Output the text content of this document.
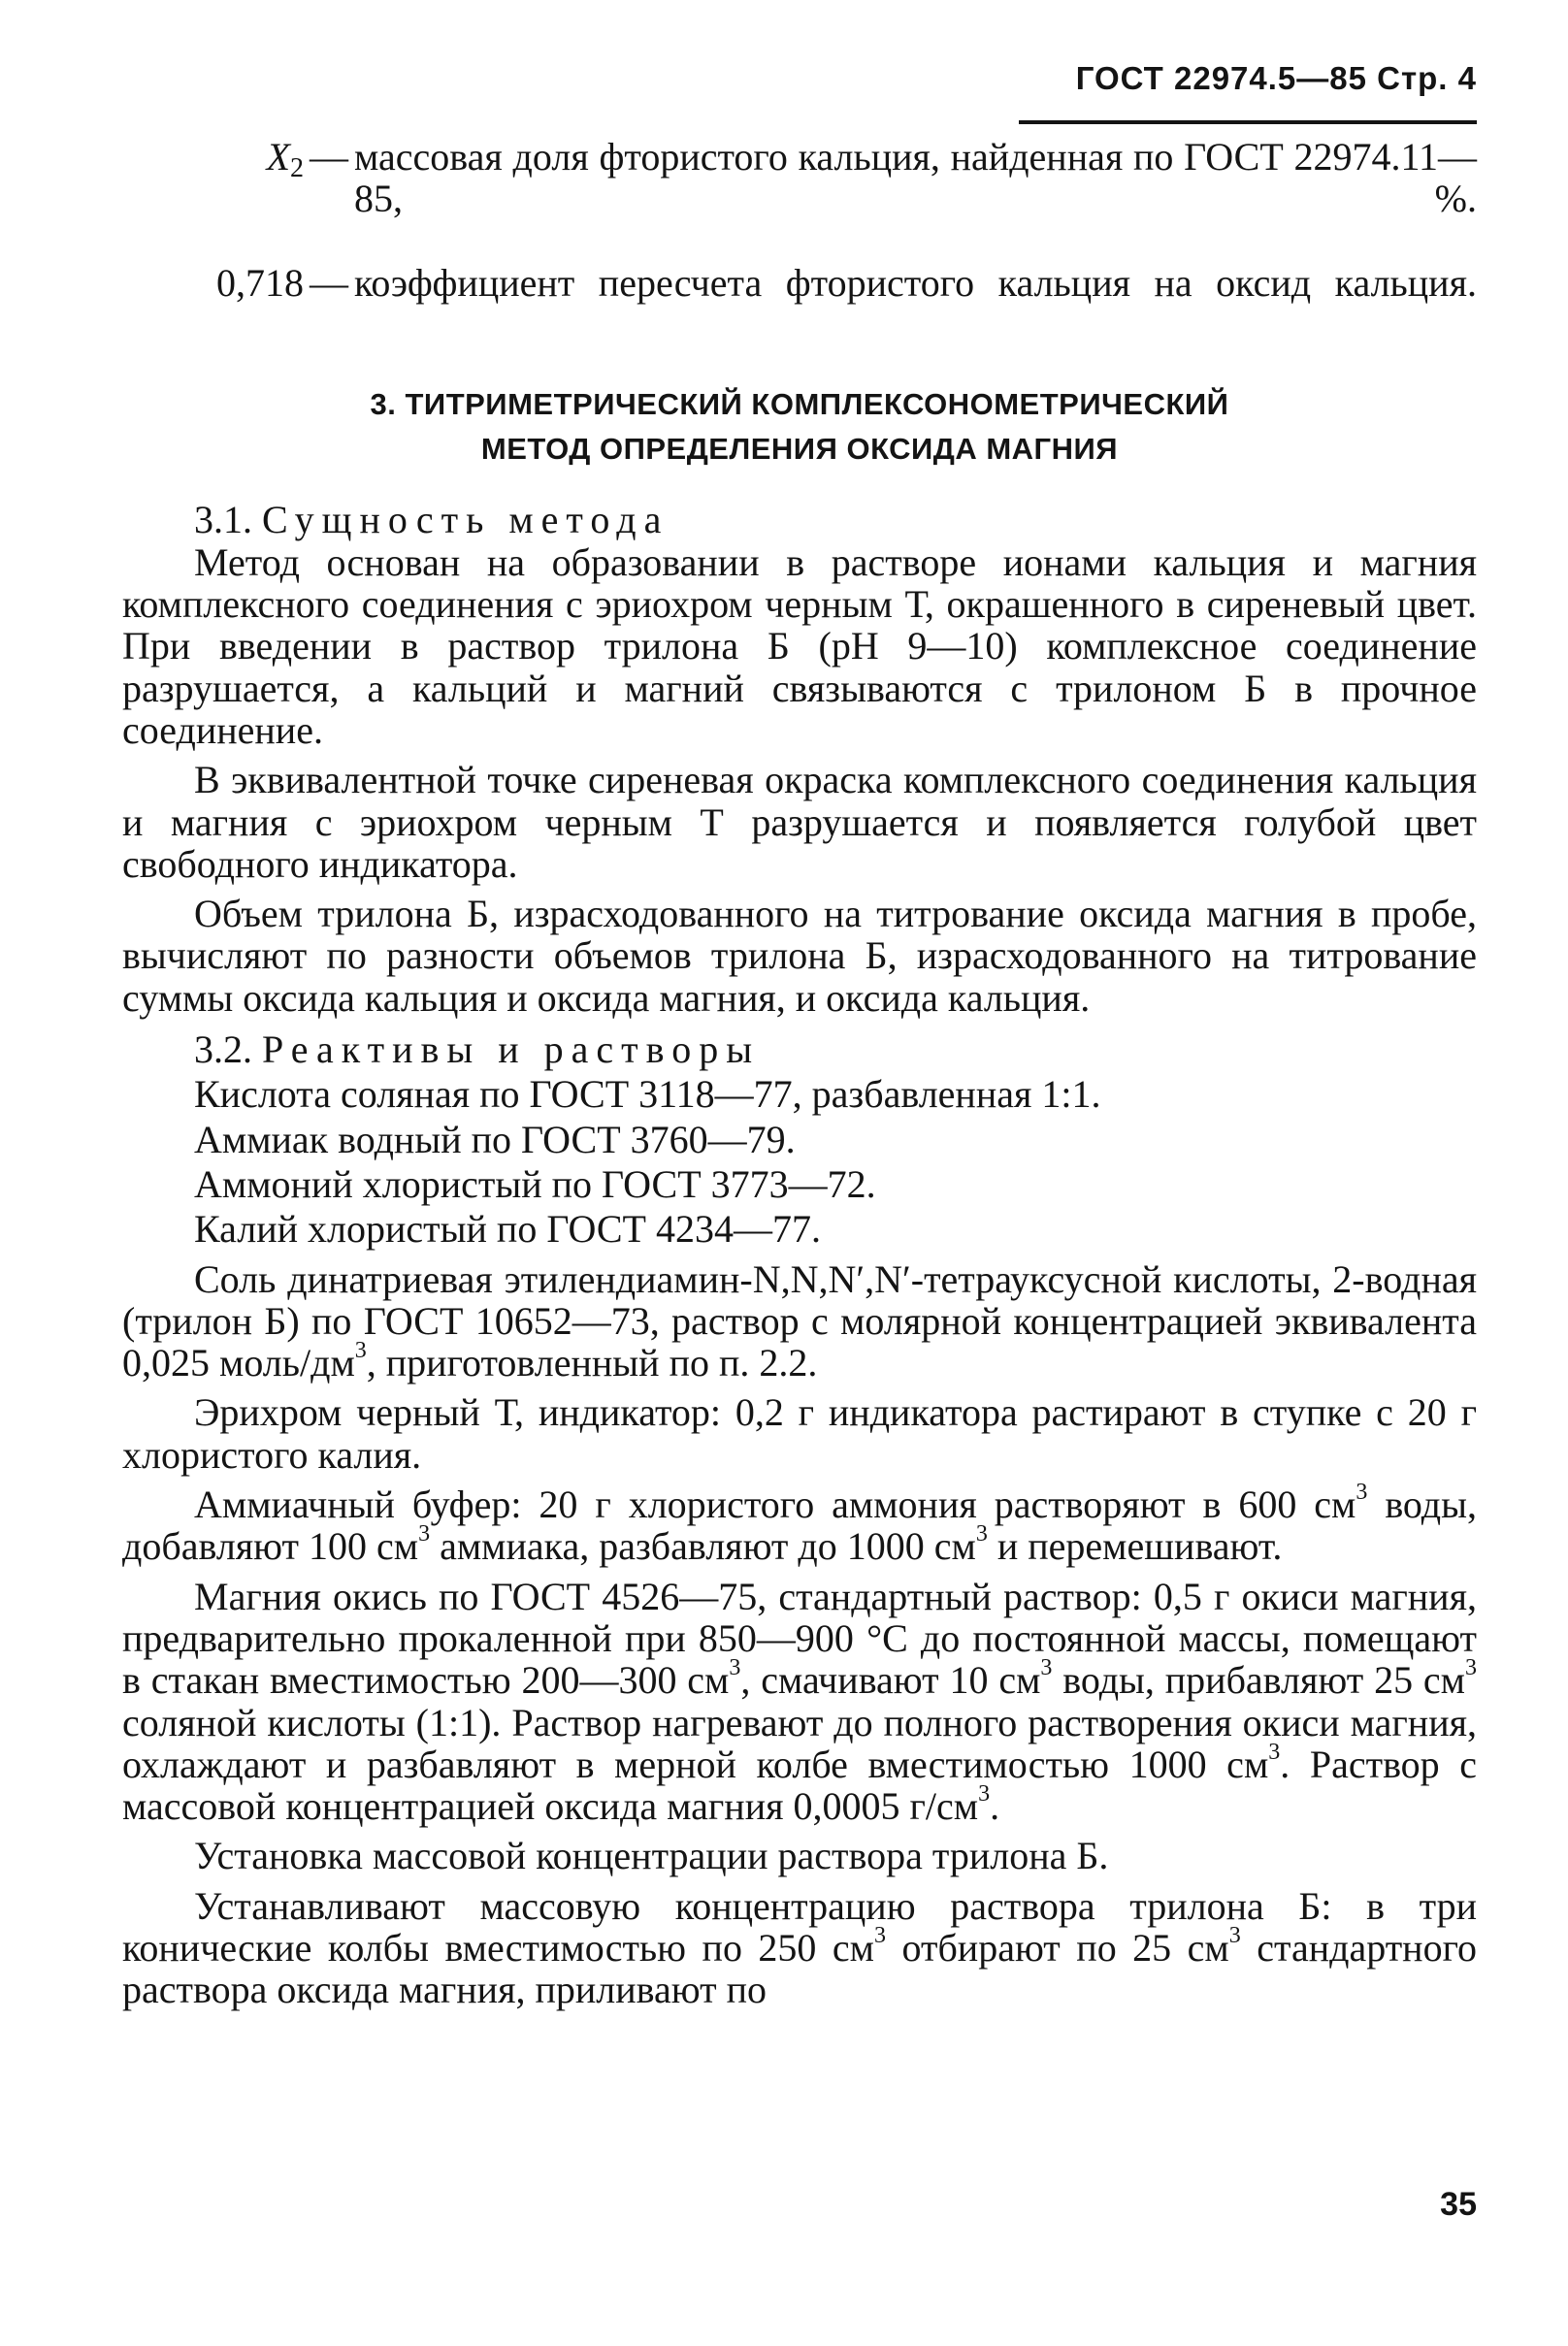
ГОСТ 22974.5—85 Стр. 4
$X_2$ — массовая доля фтористого кальция, найденная по ГОСТ 22974.11—85, %.
0,718 — коэффициент пересчета фтористого кальция на оксид кальция.
3. ТИТРИМЕТРИЧЕСКИЙ КОМПЛЕКСОНОМЕТРИЧЕСКИЙ
МЕТОД ОПРЕДЕЛЕНИЯ ОКСИДА МАГНИЯ
3.1. Сущность метода

Метод основан на образовании в растворе ионами кальция и магния комплексного соединения с эриохром черным Т, окрашенного в сиреневый цвет. При введении в раствор трилона Б (рН 9—10) комплексное соединение разрушается, а кальций и магний связываются с трилоном Б в прочное соединение.

В эквивалентной точке сиреневая окраска комплексного соединения кальция и магния с эриохром черным Т разрушается и появляется голубой цвет свободного индикатора.

Объем трилона Б, израсходованного на титрование оксида магния в пробе, вычисляют по разности объемов трилона Б, израсходованного на титрование суммы оксида кальция и оксида магния, и оксида кальция.

3.2. Реактивы и растворы
Кислота соляная по ГОСТ 3118—77, разбавленная 1:1.
Аммиак водный по ГОСТ 3760—79.
Аммоний хлористый по ГОСТ 3773—72.
Калий хлористый по ГОСТ 4234—77.

Соль динатриевая этилендиамин-N,N,N′,N′-тетрауксусной кислоты, 2-водная (трилон Б) по ГОСТ 10652—73, раствор с молярной концентрацией эквивалента 0,025 моль/$дм^3$, приготовленный по п. 2.2.

Эрихром черный Т, индикатор: 0,2 г индикатора растирают в ступке с 20 г хлористого калия.

Аммиачный буфер: 20 г хлористого аммония растворяют в 600 $см^3$ воды, добавляют 100 $см^3$ аммиака, разбавляют до 1000 $см^3$ и перемешивают.

Магния окись по ГОСТ 4526—75, стандартный раствор: 0,5 г окиси магния, предварительно прокаленной при 850—900 °С до постоянной массы, помещают в стакан вместимостью 200—300 $см^3$, смачивают 10 $см^3$ воды, прибавляют 25 $см^3$ соляной кислоты (1:1). Раствор нагревают до полного растворения окиси магния, охлаждают и разбавляют в мерной колбе вместимостью 1000 $см^3$. Раствор с массовой концентрацией оксида магния 0,0005 $г/см^3$.

Установка массовой концентрации раствора трилона Б.

Устанавливают массовую концентрацию раствора трилона Б: в три конические колбы вместимостью по 250 $см^3$ отбирают по 25 $см^3$ стандартного раствора оксида магния, приливают по

35
